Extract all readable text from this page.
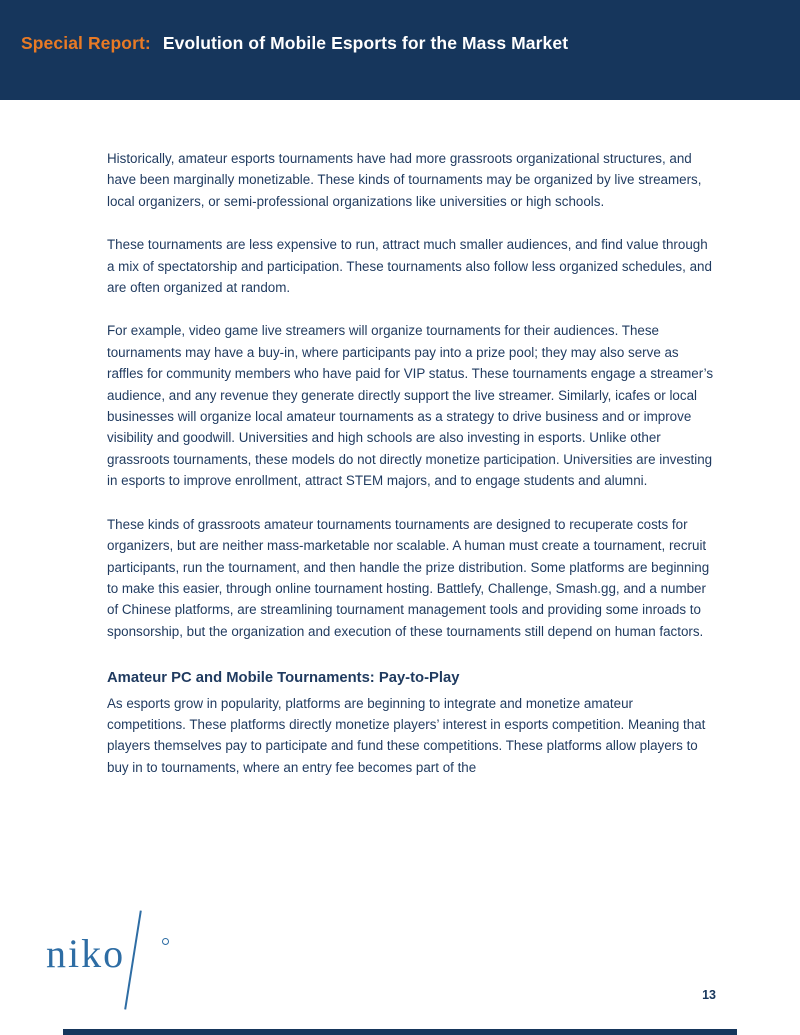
Special Report: Evolution of Mobile Esports for the Mass Market

Historically, amateur esports tournaments have had more grassroots organizational structures, and have been marginally monetizable. These kinds of tournaments may be organized by live streamers, local organizers, or semi-professional organizations like universities or high schools.

These tournaments are less expensive to run, attract much smaller audiences, and find value through a mix of spectatorship and participation. These tournaments also follow less organized schedules, and are often organized at random.

For example, video game live streamers will organize tournaments for their audiences. These tournaments may have a buy-in, where participants pay into a prize pool; they may also serve as raffles for community members who have paid for VIP status. These tournaments engage a streamer’s audience, and any revenue they generate directly support the live streamer. Similarly, icafes or local businesses will organize local amateur tournaments as a strategy to drive business and or improve visibility and goodwill. Universities and high schools are also investing in esports. Unlike other grassroots tournaments, these models do not directly monetize participation. Universities are investing in esports to improve enrollment, attract STEM majors, and to engage students and alumni.

These kinds of grassroots amateur tournaments tournaments are designed to recuperate costs for organizers, but are neither mass-marketable nor scalable. A human must create a tournament, recruit participants, run the tournament, and then handle the prize distribution. Some platforms are beginning to make this easier, through online tournament hosting. Battlefy, Challenge, Smash.gg, and a number of Chinese platforms, are streamlining tournament management tools and providing some inroads to sponsorship, but the organization and execution of these tournaments still depend on human factors.

Amateur PC and Mobile Tournaments: Pay-to-Play

As esports grow in popularity, platforms are beginning to integrate and monetize amateur competitions. These platforms directly monetize players’ interest in esports competition. Meaning that players themselves pay to participate and fund these competitions. These platforms allow players to buy in to tournaments, where an entry fee becomes part of the

niko
13
